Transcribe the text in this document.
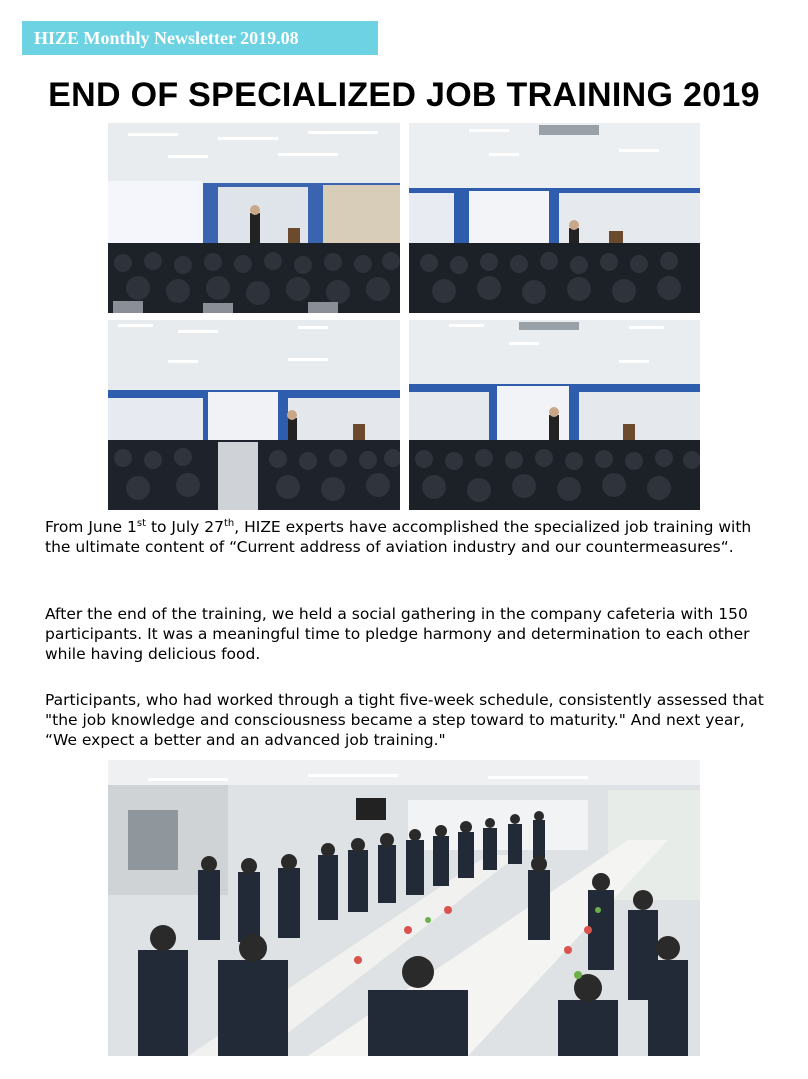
HIZE Monthly Newsletter 2019.08
END OF SPECIALIZED JOB TRAINING 2019
From June 1st to July 27th, HIZE experts have accomplished the specialized job training with the ultimate content of “Current address of aviation industry and our countermeasures“.
After the end of the training, we held a social gathering in the company cafeteria with 150 participants. It was a meaningful time to pledge harmony and determination to each other while having delicious food.
Participants, who had worked through a tight five-week schedule, consistently assessed that "the job knowledge and consciousness became a step toward to maturity." And next year, “We expect a better and an advanced job training."
